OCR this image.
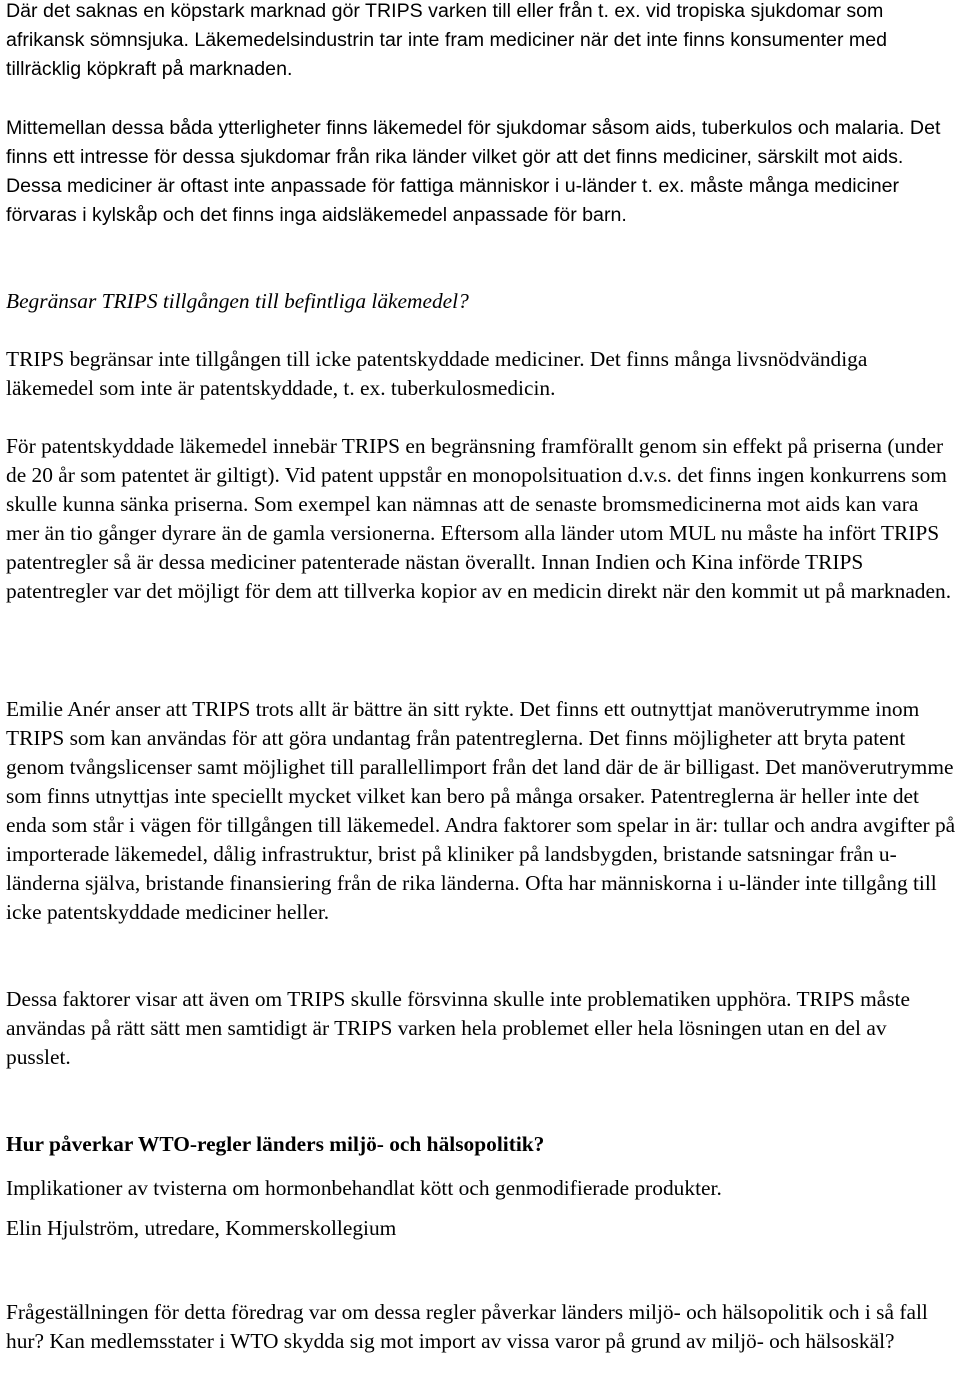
Där det saknas en köpstark marknad gör TRIPS varken till eller från t. ex. vid tropiska sjukdomar som afrikansk sömnsjuka. Läkemedelsindustrin tar inte fram mediciner när det inte finns konsumenter med tillräcklig köpkraft på marknaden.

Mittemellan dessa båda ytterligheter finns läkemedel för sjukdomar såsom aids, tuberkulos och malaria. Det finns ett intresse för dessa sjukdomar från rika länder vilket gör att det finns mediciner, särskilt mot aids. Dessa mediciner är oftast inte anpassade för fattiga människor i u-länder t. ex. måste många mediciner förvaras i kylskåp och det finns inga aidsläkemedel anpassade för barn.

Begränsar TRIPS tillgången till befintliga läkemedel?

TRIPS begränsar inte tillgången till icke patentskyddade mediciner. Det finns många livsnödvändiga läkemedel som inte är patentskyddade, t. ex. tuberkulosmedicin.

För patentskyddade läkemedel innebär TRIPS en begränsning framförallt genom sin effekt på priserna (under de 20 år som patentet är giltigt). Vid patent uppstår en monopolsituation d.v.s. det finns ingen konkurrens som skulle kunna sänka priserna. Som exempel kan nämnas att de senaste bromsmedicinerna mot aids kan vara mer än tio gånger dyrare än de gamla versionerna. Eftersom alla länder utom MUL nu måste ha infört TRIPS patentregler så är dessa mediciner patenterade nästan överallt. Innan Indien och Kina införde TRIPS patentregler var det möjligt för dem att tillverka kopior av en medicin direkt när den kommit ut på marknaden.

Emilie Anér anser att TRIPS trots allt är bättre än sitt rykte. Det finns ett outnyttjat manöverutrymme inom TRIPS som kan användas för att göra undantag från patentreglerna. Det finns möjligheter att bryta patent genom tvångslicenser samt möjlighet till parallellimport från det land där de är billigast. Det manöverutrymme som finns utnyttjas inte speciellt mycket vilket kan bero på många orsaker. Patentreglerna är heller inte det enda som står i vägen för tillgången till läkemedel. Andra faktorer som spelar in är: tullar och andra avgifter på importerade läkemedel, dålig infrastruktur, brist på kliniker på landsbygden, bristande satsningar från u-länderna själva, bristande finansiering från de rika länderna. Ofta har människorna i u-länder inte tillgång till icke patentskyddade mediciner heller.

Dessa faktorer visar att även om TRIPS skulle försvinna skulle inte problematiken upphöra. TRIPS måste användas på rätt sätt men samtidigt är TRIPS varken hela problemet eller hela lösningen utan en del av pusslet.

Hur påverkar WTO-regler länders miljö- och hälsopolitik?

Implikationer av tvisterna om hormonbehandlat kött och genmodifierade produkter.

Elin Hjulström, utredare, Kommerskollegium

Frågeställningen för detta föredrag var om dessa regler påverkar länders miljö- och hälsopolitik och i så fall hur? Kan medlemsstater i WTO skydda sig mot import av vissa varor på grund av miljö- och hälsoskäl?
